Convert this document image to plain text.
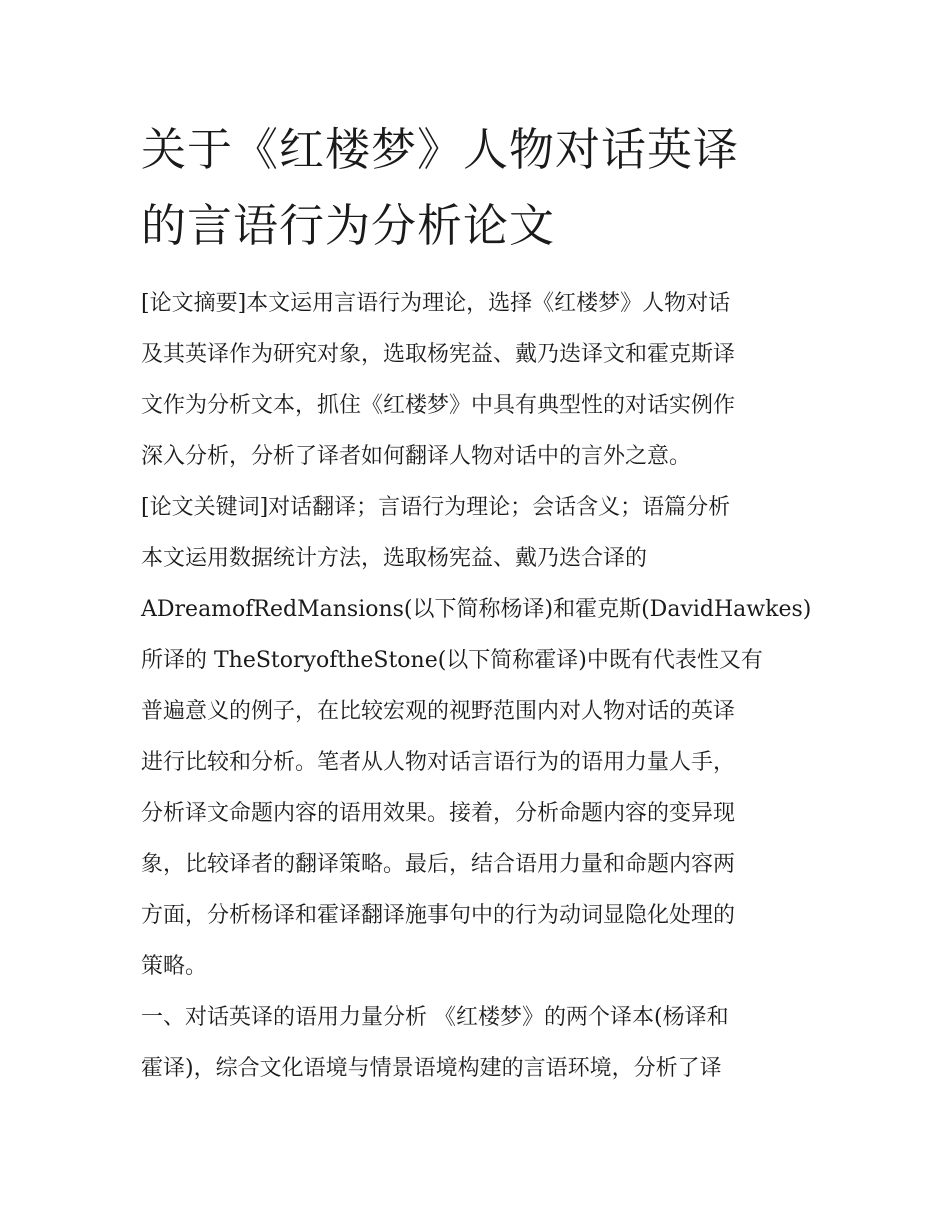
关于《红楼梦》人物对话英译
的言语行为分析论文

[论文摘要]本文运用言语行为理论，选择《红楼梦》人物对话
及其英译作为研究对象，选取杨宪益、戴乃迭译文和霍克斯译
文作为分析文本，抓住《红楼梦》中具有典型性的对话实例作
深入分析，分析了译者如何翻译人物对话中的言外之意。

[论文关键词]对话翻译；言语行为理论；会话含义；语篇分析
本文运用数据统计方法，选取杨宪益、戴乃迭合译的
ADreamofRedMansions(以下简称杨译)和霍克斯(DavidHawkes)
所译的 TheStoryoftheStone(以下简称霍译)中既有代表性又有
普遍意义的例子，在比较宏观的视野范围内对人物对话的英译
进行比较和分析。笔者从人物对话言语行为的语用力量人手，
分析译文命题内容的语用效果。接着，分析命题内容的变异现
象，比较译者的翻译策略。最后，结合语用力量和命题内容两
方面，分析杨译和霍译翻译施事句中的行为动词显隐化处理的
策略。

一、对话英译的语用力量分析 《红楼梦》的两个译本(杨译和
霍译)，综合文化语境与情景语境构建的言语环境，分析了译
